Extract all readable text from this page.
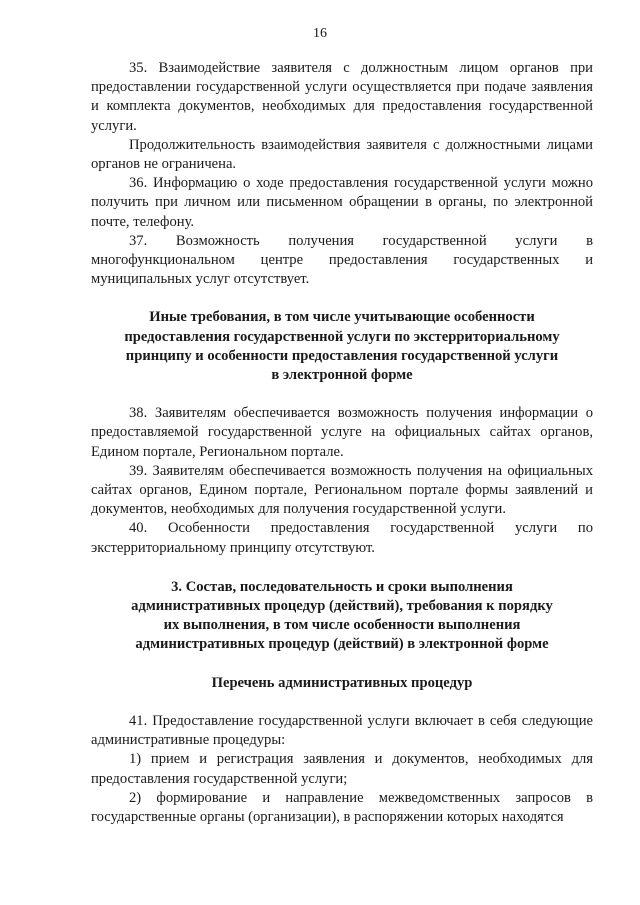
16

35. Взаимодействие заявителя с должностным лицом органов при предоставлении государственной услуги осуществляется при подаче заявления и комплекта документов, необходимых для предоставления государственной услуги.

Продолжительность взаимодействия заявителя с должностными лицами органов не ограничена.

36. Информацию о ходе предоставления государственной услуги можно получить при личном или письменном обращении в органы, по электронной почте, телефону.

37. Возможность получения государственной услуги в многофункциональном центре предоставления государственных и муниципальных услуг отсутствует.

Иные требования, в том числе учитывающие особенности

предоставления государственной услуги по экстерриториальному

принципу и особенности предоставления государственной услуги

в электронной форме

38. Заявителям обеспечивается возможность получения информации о предоставляемой государственной услуге на официальных сайтах органов, Едином портале, Региональном портале.

39. Заявителям обеспечивается возможность получения на официальных сайтах органов, Едином портале, Региональном портале формы заявлений и документов, необходимых для получения государственной услуги.

40. Особенности предоставления государственной услуги по экстерриториальному принципу отсутствуют.

3. Состав, последовательность и сроки выполнения

административных процедур (действий), требования к порядку

их выполнения, в том числе особенности выполнения

административных процедур (действий) в электронной форме

Перечень административных процедур

41. Предоставление государственной услуги включает в себя следующие административные процедуры:

1) прием и регистрация заявления и документов, необходимых для предоставления государственной услуги;

2) формирование и направление межведомственных запросов в государственные органы (организации), в распоряжении которых находятся
